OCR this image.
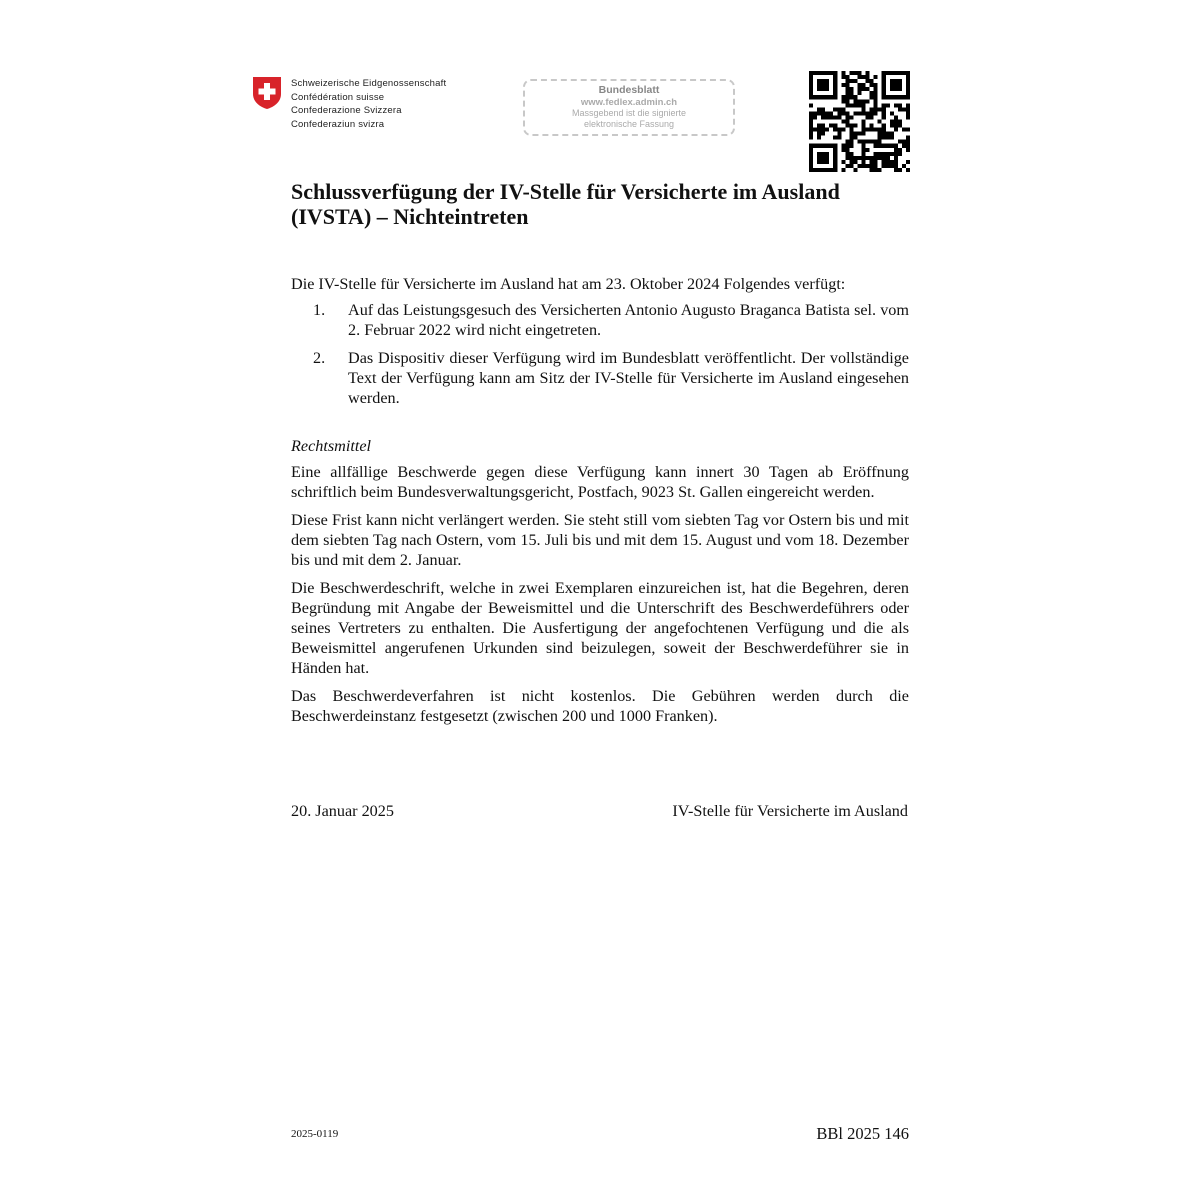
Schweizerische Eidgenossenschaft
Confédération suisse
Confederazione Svizzera
Confederaziun svizra
Bundesblatt
www.fedlex.admin.ch
Massgebend ist die signierte
elektronische Fassung
Schlussverfügung der IV-Stelle für Versicherte im Ausland
(IVSTA) – Nichteintreten

Die IV-Stelle für Versicherte im Ausland hat am 23. Oktober 2024 Folgendes verfügt:

1. Auf das Leistungsgesuch des Versicherten Antonio Augusto Braganca Batista sel. vom 2. Februar 2022 wird nicht eingetreten.
2. Das Dispositiv dieser Verfügung wird im Bundesblatt veröffentlicht. Der vollständige Text der Verfügung kann am Sitz der IV-Stelle für Versicherte im Ausland eingesehen werden.

Rechtsmittel

Eine allfällige Beschwerde gegen diese Verfügung kann innert 30 Tagen ab Eröffnung schriftlich beim Bundesverwaltungsgericht, Postfach, 9023 St. Gallen eingereicht werden.

Diese Frist kann nicht verlängert werden. Sie steht still vom siebten Tag vor Ostern bis und mit dem siebten Tag nach Ostern, vom 15. Juli bis und mit dem 15. August und vom 18. Dezember bis und mit dem 2. Januar.

Die Beschwerdeschrift, welche in zwei Exemplaren einzureichen ist, hat die Begehren, deren Begründung mit Angabe der Beweismittel und die Unterschrift des Beschwerdeführers oder seines Vertreters zu enthalten. Die Ausfertigung der angefochtenen Verfügung und die als Beweismittel angerufenen Urkunden sind beizulegen, soweit der Beschwerdeführer sie in Händen hat.

Das Beschwerdeverfahren ist nicht kostenlos. Die Gebühren werden durch die Beschwerdeinstanz festgesetzt (zwischen 200 und 1000 Franken).

20. Januar 2025	IV-Stelle für Versicherte im Ausland
2025-0119	BBl 2025 146
